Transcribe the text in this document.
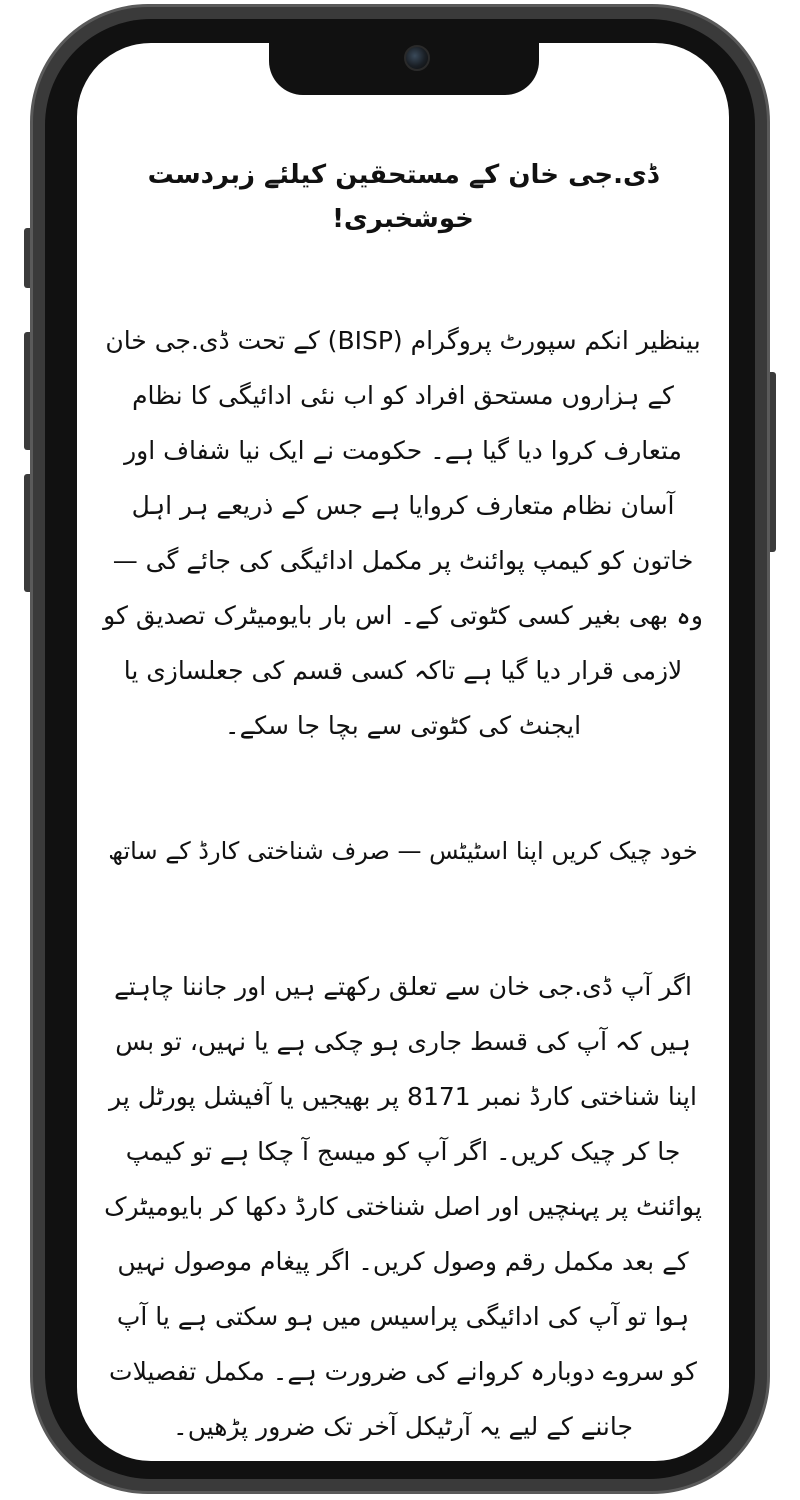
ڈی.جی خان کے مستحقین کیلئے زبردست خوشخبری!

بینظیر انکم سپورٹ پروگرام (BISP) کے تحت ڈی.جی خان کے ہزاروں مستحق افراد کو اب نئی ادائیگی کا نظام متعارف کروا دیا گیا ہے۔ حکومت نے ایک نیا شفاف اور آسان نظام متعارف کروایا ہے جس کے ذریعے ہر اہل خاتون کو کیمپ پوائنٹ پر مکمل ادائیگی کی جائے گی — وہ بھی بغیر کسی کٹوتی کے۔ اس بار بایومیٹرک تصدیق کو لازمی قرار دیا گیا ہے تاکہ کسی قسم کی جعلسازی یا ایجنٹ کی کٹوتی سے بچا جا سکے۔

خود چیک کریں اپنا اسٹیٹس — صرف شناختی کارڈ کے ساتھ

اگر آپ ڈی.جی خان سے تعلق رکھتے ہیں اور جاننا چاہتے ہیں کہ آپ کی قسط جاری ہو چکی ہے یا نہیں، تو بس اپنا شناختی کارڈ نمبر 8171 پر بھیجیں یا آفیشل پورٹل پر جا کر چیک کریں۔ اگر آپ کو میسج آ چکا ہے تو کیمپ پوائنٹ پر پہنچیں اور اصل شناختی کارڈ دکھا کر بایومیٹرک کے بعد مکمل رقم وصول کریں۔ اگر پیغام موصول نہیں ہوا تو آپ کی ادائیگی پراسیس میں ہو سکتی ہے یا آپ کو سروے دوبارہ کروانے کی ضرورت ہے۔ مکمل تفصیلات جاننے کے لیے یہ آرٹیکل آخر تک ضرور پڑھیں۔
